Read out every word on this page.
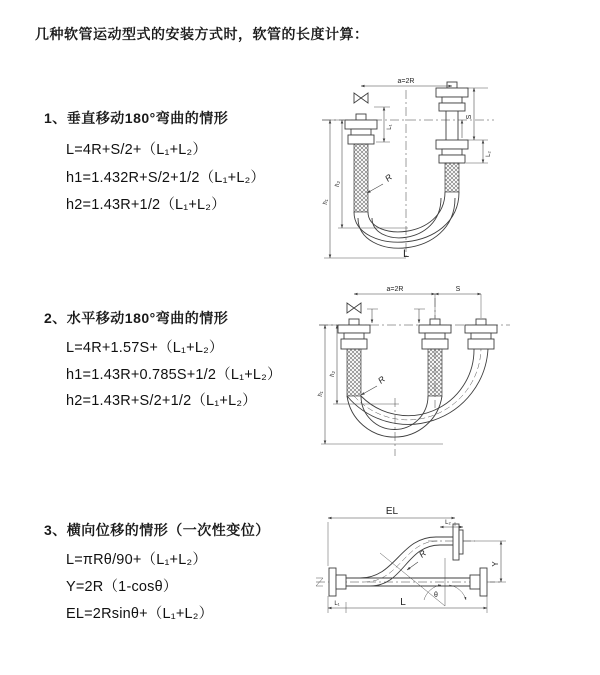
几种软管运动型式的安装方式时，软管的长度计算：
1、垂直移动180°弯曲的情形
L=4R+S/2+（L₁+L₂）
h1=1.432R+S/2+1/2（L₁+L₂）
h2=1.43R+1/2（L₁+L₂）
a=2R
h₁
h₂
L₁
S
L₂
R
L
2、水平移动180°弯曲的情形
L=4R+1.57S+（L₁+L₂）
h1=1.43R+0.785S+1/2（L₁+L₂）
h2=1.43R+S/2+1/2（L₁+L₂）
a=2R	S
h₁
h₂	R
3、横向位移的情形（一次性变位）
L=πRθ/90+（L₁+L₂）
Y=2R（1-cosθ）
EL=2Rsinθ+（L₁+L₂）
θ
EL
L₂
Y
L
L₁
R
